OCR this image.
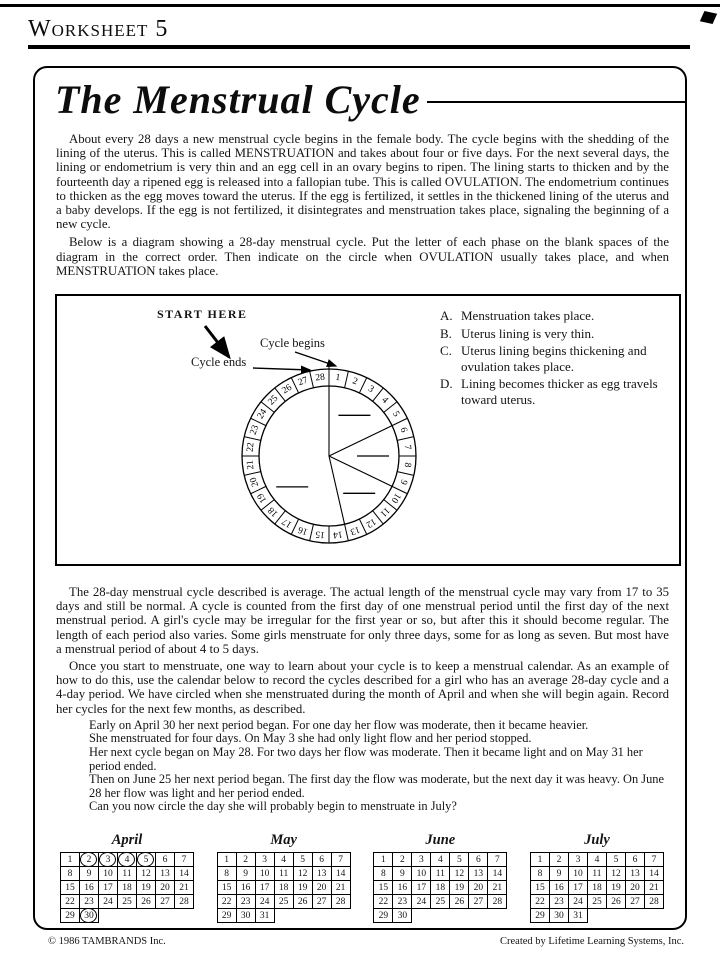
Worksheet 5
The Menstrual Cycle

About every 28 days a new menstrual cycle begins in the female body. The cycle begins with the shedding of the lining of the uterus. This is called MENSTRUATION and takes about four or five days. For the next several days, the lining or endometrium is very thin and an egg cell in an ovary begins to ripen. The lining starts to thicken and by the fourteenth day a ripened egg is released into a fallopian tube. This is called OVULATION. The endometrium continues to thicken as the egg moves toward the uterus. If the egg is fertilized, it settles in the thickened lining of the uterus and a baby develops. If the egg is not fertilized, it disintegrates and menstruation takes place, signaling the beginning of a new cycle.

Below is a diagram showing a 28-day menstrual cycle. Put the letter of each phase on the blank spaces of the diagram in the correct order. Then indicate on the circle when OVULATION usually takes place, and when MENSTRUATION takes place.

1 2
3
4
5
6
7
8
9
10
11
12
13
14
15
16
17
18
19
20
21
22
23
24
25
26
27 28
START HERE
Cycle begins
Cycle ends
A. Menstruation takes place.
B. Uterus lining is very thin.
C. Uterus lining begins thickening and ovulation takes place.
D. Lining becomes thicker as egg travels toward uterus.

The 28-day menstrual cycle described is average. The actual length of the menstrual cycle may vary from 17 to 35 days and still be normal. A cycle is counted from the first day of one menstrual period until the first day of the next menstrual period. A girl's cycle may be irregular for the first year or so, but after this it should become regular. The length of each period also varies. Some girls menstruate for only three days, some for as long as seven. But most have a menstrual period of about 4 to 5 days.

Once you start to menstruate, one way to learn about your cycle is to keep a menstrual calendar. As an example of how to do this, use the calendar below to record the cycles described for a girl who has an average 28-day cycle and a 4-day period. We have circled when she menstruated during the month of April and when she will begin again. Record her cycles for the next few months, as described.

Early on April 30 her next period began. For one day her flow was moderate, then it became heavier.
She menstruated for four days. On May 3 she had only light flow and her period stopped.
Her next cycle began on May 28. For two days her flow was moderate. Then it became light and on May 31 her period ended.
Then on June 25 her next period began. The first day the flow was moderate, but the next day it was heavy. On June 28 her flow was light and her period ended.
Can you now circle the day she will probably begin to menstruate in July?
April
1	2	3	4	5	6	7
8	9	10	11	12	13	14
15	16	17	18	19	20	21
22	23	24	25	26	27	28
29	30					
May
1	2	3	4	5	6	7
8	9	10	11	12	13	14
15	16	17	18	19	20	21
22	23	24	25	26	27	28
29	30	31				
June
1	2	3	4	5	6	7
8	9	10	11	12	13	14
15	16	17	18	19	20	21
22	23	24	25	26	27	28
29	30					
July
1	2	3	4	5	6	7
8	9	10	11	12	13	14
15	16	17	18	19	20	21
22	23	24	25	26	27	28
29	30	31				
© 1986 TAMBRANDS Inc.	Created by Lifetime Learning Systems, Inc.
